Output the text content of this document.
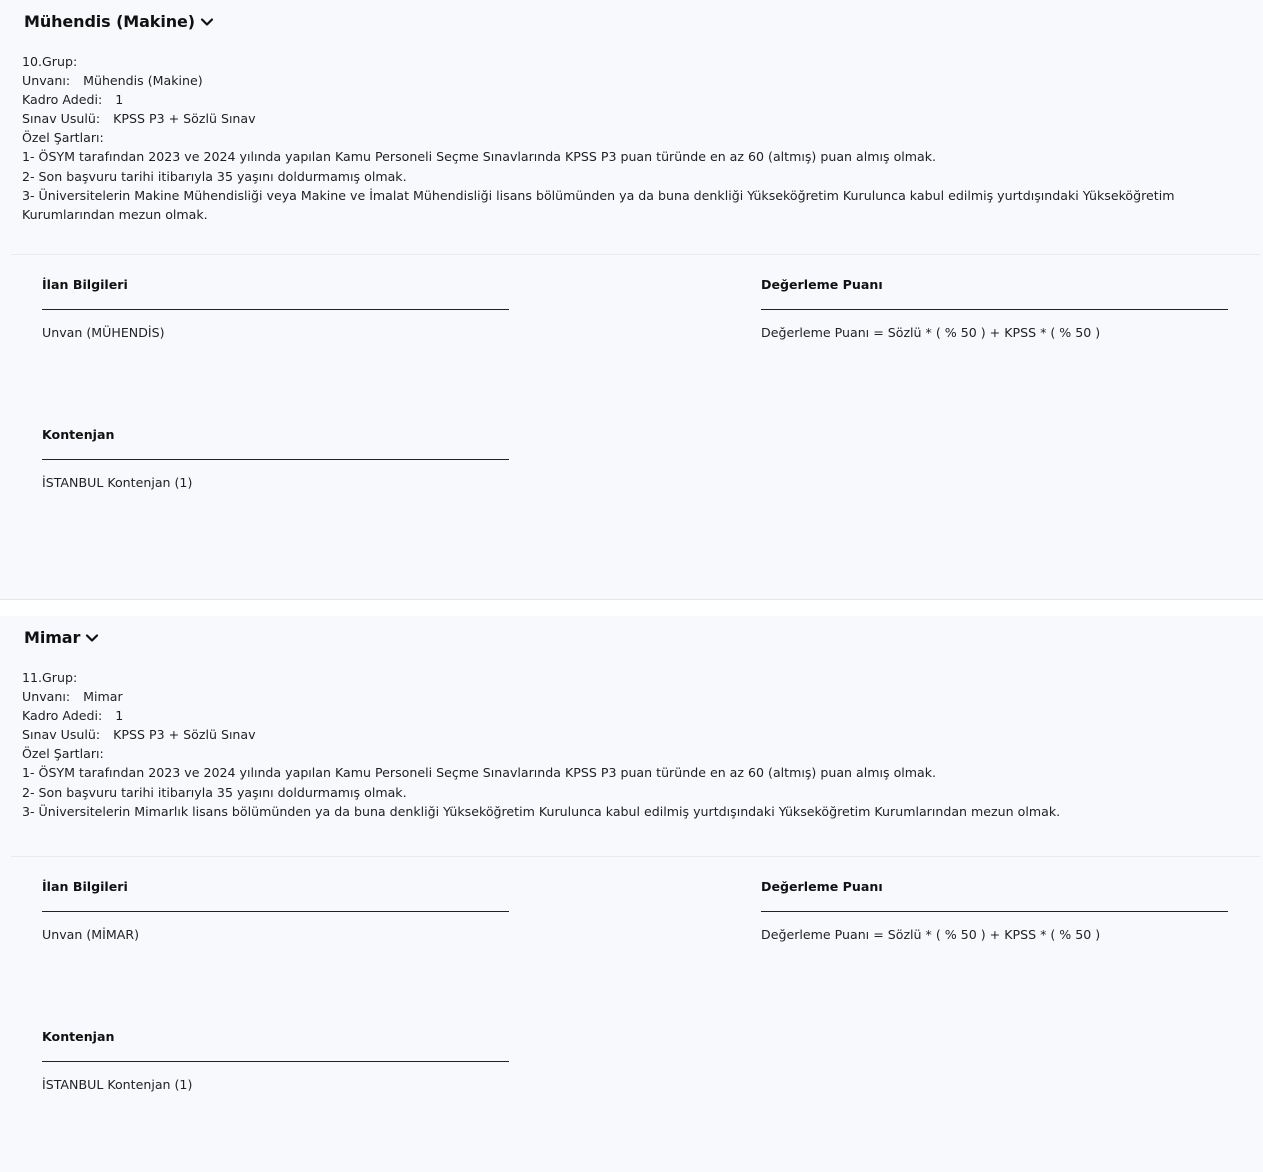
Mühendis (Makine)
10.Grup:
Unvanı: Mühendis (Makine)
Kadro Adedi: 1
Sınav Usulü: KPSS P3 + Sözlü Sınav
Özel Şartları:
1- ÖSYM tarafından 2023 ve 2024 yılında yapılan Kamu Personeli Seçme Sınavlarında KPSS P3 puan türünde en az 60 (altmış) puan almış olmak.
2- Son başvuru tarihi itibarıyla 35 yaşını doldurmamış olmak.
3- Üniversitelerin Makine Mühendisliği veya Makine ve İmalat Mühendisliği lisans bölümünden ya da buna denkliği Yükseköğretim Kurulunca kabul edilmiş yurtdışındaki Yükseköğretim Kurumlarından mezun olmak.
İlan Bilgileri
Unvan (MÜHENDİS)
Değerleme Puanı
Değerleme Puanı = Sözlü * ( % 50 ) + KPSS * ( % 50 )
Kontenjan
İSTANBUL Kontenjan (1)
Mimar
11.Grup:
Unvanı: Mimar
Kadro Adedi: 1
Sınav Usulü: KPSS P3 + Sözlü Sınav
Özel Şartları:
1- ÖSYM tarafından 2023 ve 2024 yılında yapılan Kamu Personeli Seçme Sınavlarında KPSS P3 puan türünde en az 60 (altmış) puan almış olmak.
2- Son başvuru tarihi itibarıyla 35 yaşını doldurmamış olmak.
3- Üniversitelerin Mimarlık lisans bölümünden ya da buna denkliği Yükseköğretim Kurulunca kabul edilmiş yurtdışındaki Yükseköğretim Kurumlarından mezun olmak.
İlan Bilgileri
Unvan (MİMAR)
Değerleme Puanı
Değerleme Puanı = Sözlü * ( % 50 ) + KPSS * ( % 50 )
Kontenjan
İSTANBUL Kontenjan (1)
